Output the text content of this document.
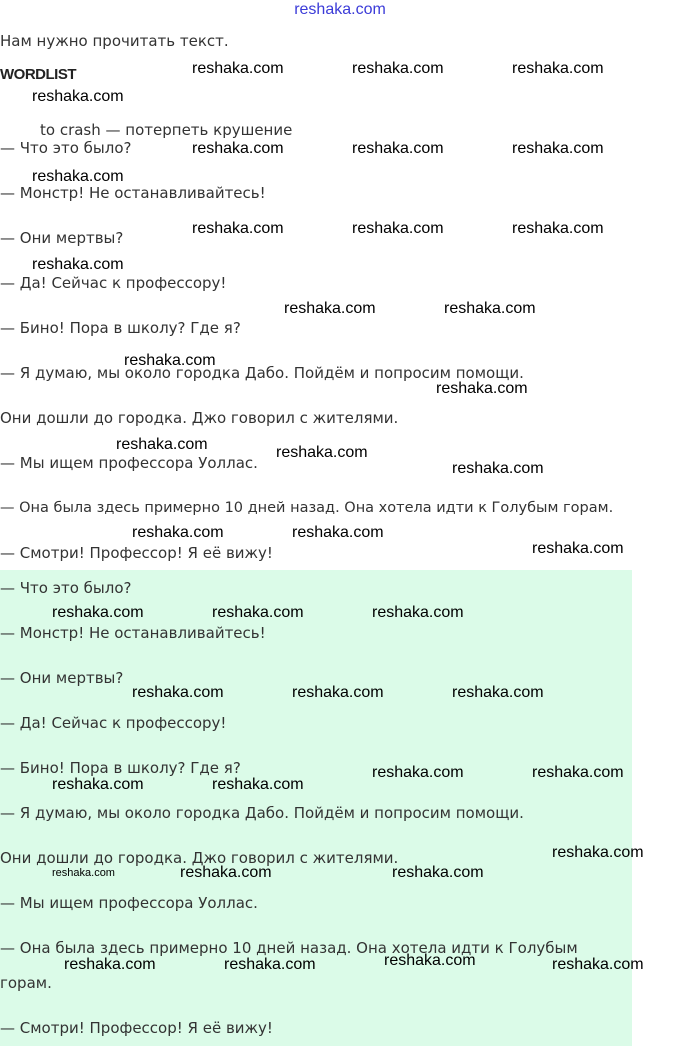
reshaka.com
Нам нужно прочитать текст.
WORDLIST
to crash — потерпеть крушение
— Что это было?
— Монстр! Не останавливайтесь!
— Они мертвы?
— Да! Сейчас к профессору!
— Бино! Пора в школу? Где я?
— Я думаю, мы около городка Дабо. Пойдём и попросим помощи.
Они дошли до городка. Джо говорил с жителями.
— Мы ищем профессора Уоллас.
— Она была здесь примерно 10 дней назад. Она хотела идти к Голубым горам.
— Смотри! Профессор! Я её вижу!
— Что это было?
— Монстр! Не останавливайтесь!
— Они мертвы?
— Да! Сейчас к профессору!
— Бино! Пора в школу? Где я?
— Я думаю, мы около городка Дабо. Пойдём и попросим помощи.
Они дошли до городка. Джо говорил с жителями.
— Мы ищем профессора Уоллас.
— Она была здесь примерно 10 дней назад. Она хотела идти к Голубым
горам.
— Смотри! Профессор! Я её вижу!
reshaka.com	reshaka.com	reshaka.com
reshaka.com
reshaka.com	reshaka.com	reshaka.com
reshaka.com
reshaka.com	reshaka.com	reshaka.com
reshaka.com
reshaka.com	reshaka.com
reshaka.com
reshaka.com
reshaka.com	reshaka.com
reshaka.com
reshaka.com	reshaka.com
reshaka.com
reshaka.com	reshaka.com	reshaka.com
reshaka.com	reshaka.com	reshaka.com
reshaka.com	reshaka.com
reshaka.com	reshaka.com
reshaka.com
reshaka.com	reshaka.com	reshaka.com
reshaka.com
reshaka.com	reshaka.com	reshaka.com
